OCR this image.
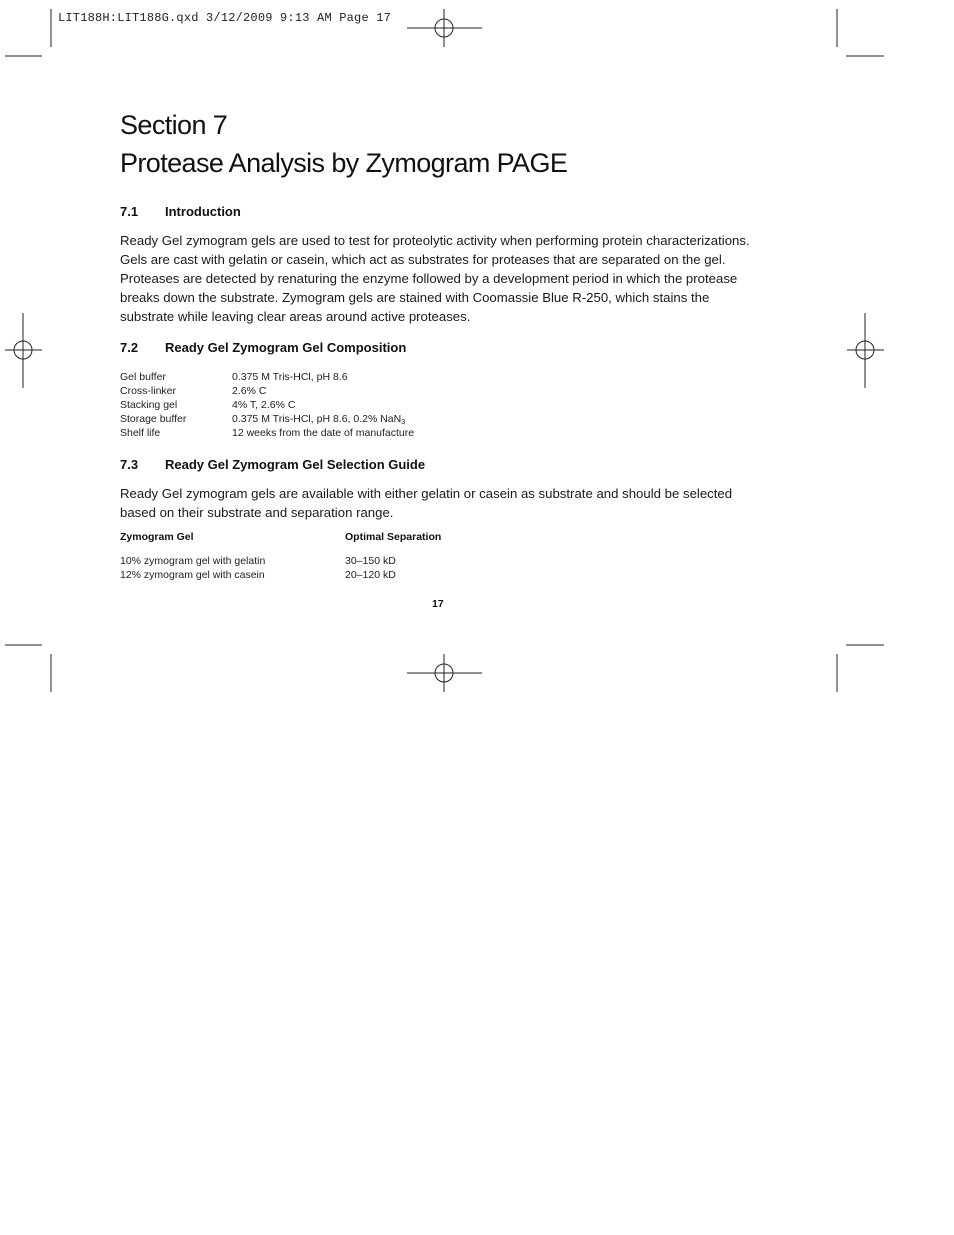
LIT188H:LIT188G.qxd 3/12/2009 9:13 AM Page 17
Section 7
Protease Analysis by Zymogram PAGE
7.1 Introduction

Ready Gel zymogram gels are used to test for proteolytic activity when performing protein characterizations.
Gels are cast with gelatin or casein, which act as substrates for proteases that are separated on the gel.
Proteases are detected by renaturing the enzyme followed by a development period in which the protease
breaks down the substrate. Zymogram gels are stained with Coomassie Blue R-250, which stains the
substrate while leaving clear areas around active proteases.

7.2 Ready Gel Zymogram Gel Composition
Gel buffer	0.375 M Tris-HCl, pH 8.6
Cross-linker	2.6% C
Stacking gel	4% T, 2.6% C
Storage buffer	0.375 M Tris-HCl, pH 8.6, 0.2% NaN$_3$
Shelf life	12 weeks from the date of manufacture
7.3 Ready Gel Zymogram Gel Selection Guide

Ready Gel zymogram gels are available with either gelatin or casein as substrate and should be selected
based on their substrate and separation range.

Zymogram Gel	Optimal Separation
10% zymogram gel with gelatin	30–150 kD
12% zymogram gel with casein	20–120 kD
17
